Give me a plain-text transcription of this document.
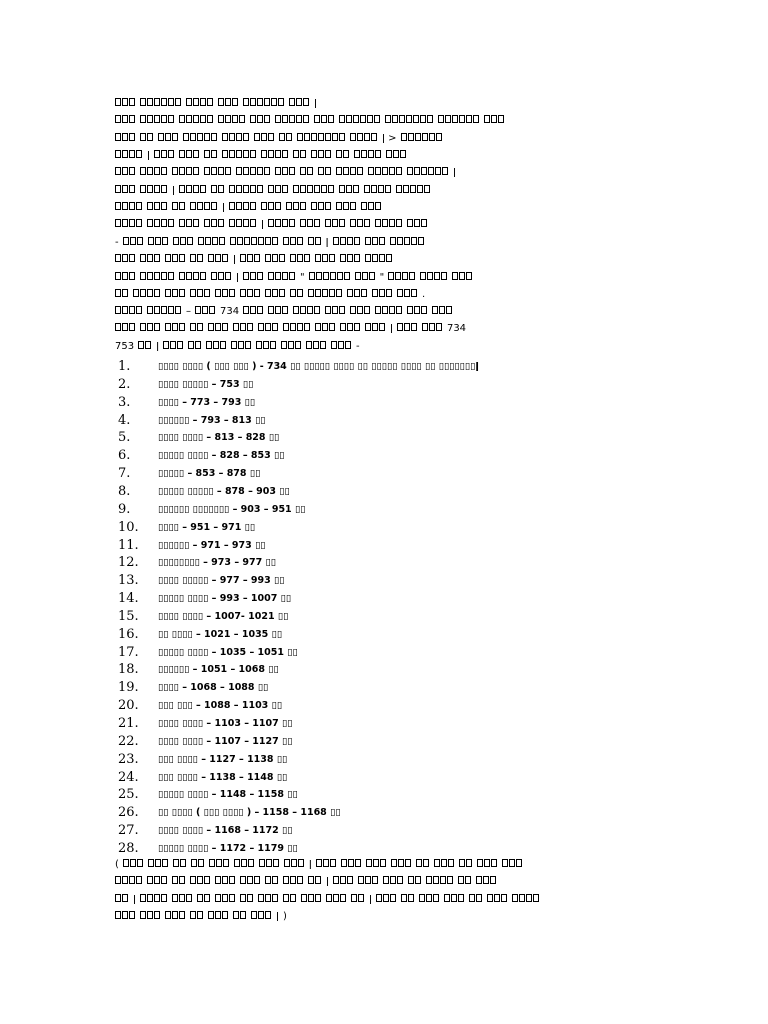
ǀ
ǀ >
ǀ
ǀ
ǀ
ǀ
ǀ
-	ǀ
ǀ
ǀ	"	"
.
–	734
ǀ	734
753 ǀ	-
1.	▯▯▯▯ ▯▯▯▯ ( ▯▯▯ ▯▯▯ ) - 734 ▯▯ ▯▯▯▯▯ ▯▯▯▯ ▯▯ ▯▯▯▯▯ ▯▯▯▯ ▯▯ ▯▯▯▯▯▯▯ǀ
2.	▯▯▯▯ ▯▯▯▯▯ – 753 ▯▯
3.	▯▯▯▯ – 773 – 793 ▯▯
4.	▯▯▯▯▯▯ – 793 – 813 ▯▯
5.	▯▯▯▯ ▯▯▯▯ – 813 – 828 ▯▯
6.	▯▯▯▯▯ ▯▯▯▯ – 828 – 853 ▯▯
7.	▯▯▯▯▯ – 853 – 878 ▯▯
8.	▯▯▯▯▯ ▯▯▯▯▯ – 878 – 903 ▯▯
9.	▯▯▯▯▯▯ ▯▯▯▯▯▯▯ – 903 – 951 ▯▯
10.	▯▯▯▯ – 951 – 971 ▯▯
11.	▯▯▯▯▯▯ – 971 – 973 ▯▯
12.	▯▯▯▯▯▯▯▯ – 973 – 977 ▯▯
13.	▯▯▯▯ ▯▯▯▯▯ – 977 – 993 ▯▯
14.	▯▯▯▯▯ ▯▯▯▯ – 993 – 1007 ▯▯
15.	▯▯▯▯ ▯▯▯▯ – 1007- 1021 ▯▯
16.	▯▯ ▯▯▯▯ – 1021 – 1035 ▯▯
17.	▯▯▯▯▯ ▯▯▯▯ – 1035 – 1051 ▯▯
18.	▯▯▯▯▯▯ – 1051 – 1068 ▯▯
19.	▯▯▯▯ – 1068 – 1088 ▯▯
20.	▯▯▯ ▯▯▯ – 1088 – 1103 ▯▯
21.	▯▯▯▯ ▯▯▯▯ – 1103 – 1107 ▯▯
22.	▯▯▯▯ ▯▯▯▯ – 1107 – 1127 ▯▯
23.	▯▯▯ ▯▯▯▯ – 1127 – 1138 ▯▯
24.	▯▯▯ ▯▯▯▯ – 1138 – 1148 ▯▯
25.	▯▯▯▯▯ ▯▯▯▯ – 1148 – 1158 ▯▯
26.	▯▯ ▯▯▯▯ ( ▯▯▯ ▯▯▯▯ ) – 1158 – 1168 ▯▯
27.	▯▯▯▯ ▯▯▯▯ – 1168 – 1172 ▯▯
28.	▯▯▯▯▯ ▯▯▯▯ – 1172 – 1179 ▯▯
(	ǀ
ǀ
ǀ	ǀ
ǀ )
